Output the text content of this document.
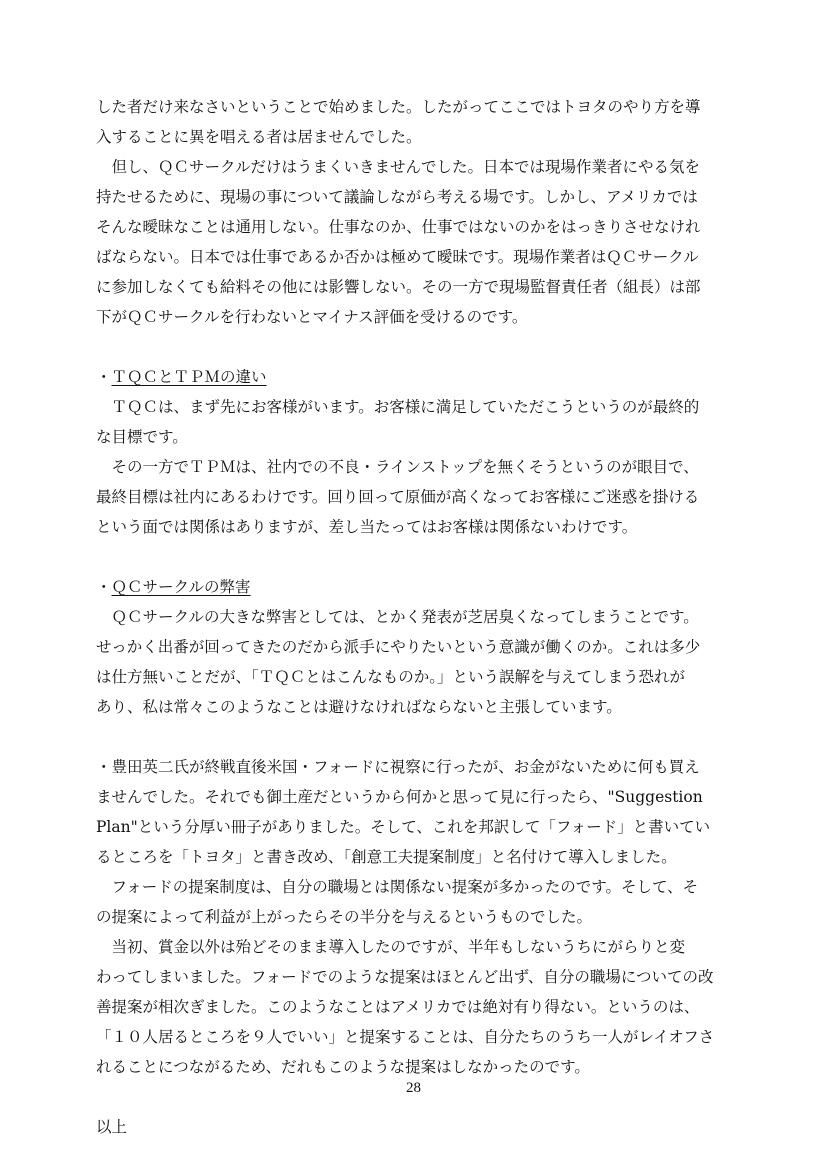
した者だけ来なさいということで始めました。したがってここではトヨタのやり方を導
入することに異を唱える者は居ませんでした。
　但し、ＱＣサークルだけはうまくいきませんでした。日本では現場作業者にやる気を
持たせるために、現場の事について議論しながら考える場です。しかし、アメリカでは
そんな曖昧なことは通用しない。仕事なのか、仕事ではないのかをはっきりさせなけれ
ばならない。日本では仕事であるか否かは極めて曖昧です。現場作業者はＱＣサークル
に参加しなくても給料その他には影響しない。その一方で現場監督責任者（組長）は部
下がＱＣサークルを行わないとマイナス評価を受けるのです。
・ＴＱＣとＴＰＭの違い
　ＴＱＣは、まず先にお客様がいます。お客様に満足していただこうというのが最終的
な目標です。
　その一方でＴＰＭは、社内での不良・ラインストップを無くそうというのが眼目で、
最終目標は社内にあるわけです。回り回って原価が高くなってお客様にご迷惑を掛ける
という面では関係はありますが、差し当たってはお客様は関係ないわけです。
・ＱＣサークルの弊害
　ＱＣサークルの大きな弊害としては、とかく発表が芝居臭くなってしまうことです。
せっかく出番が回ってきたのだから派手にやりたいという意識が働くのか。これは多少
は仕方無いことだが、「ＴＱＣとはこんなものか。」という誤解を与えてしまう恐れが
あり、私は常々このようなことは避けなければならないと主張しています。
・豊田英二氏が終戦直後米国・フォードに視察に行ったが、お金がないために何も買え
ませんでした。それでも御土産だというから何かと思って見に行ったら、"Suggestion
Plan"という分厚い冊子がありました。そして、これを邦訳して「フォード」と書いてい
るところを「トヨタ」と書き改め、「創意工夫提案制度」と名付けて導入しました。
　フォードの提案制度は、自分の職場とは関係ない提案が多かったのです。そして、そ
の提案によって利益が上がったらその半分を与えるというものでした。
　当初、賞金以外は殆どそのまま導入したのですが、半年もしないうちにがらりと変
わってしまいました。フォードでのような提案はほとんど出ず、自分の職場についての改
善提案が相次ぎました。このようなことはアメリカでは絶対有り得ない。というのは、
「１０人居るところを９人でいい」と提案することは、自分たちのうち一人がレイオフさ
れることにつながるため、だれもこのような提案はしなかったのです。
以上
28
